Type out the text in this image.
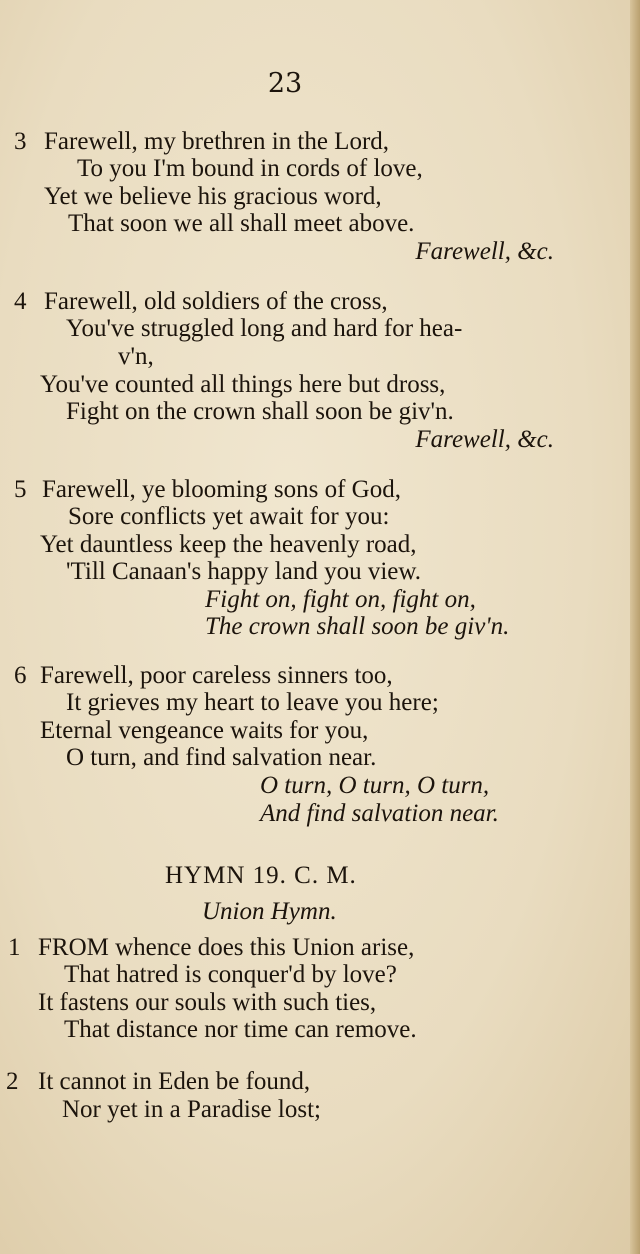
23
3 Farewell, my brethren in the Lord,
To you I'm bound in cords of love,
Yet we believe his gracious word,
That soon we all shall meet above.
Farewell, &c.
4 Farewell, old soldiers of the cross,
You've struggled long and hard for hea-
v'n,
You've counted all things here but dross,
Fight on the crown shall soon be giv'n.
Farewell, &c.
5 Farewell, ye blooming sons of God,
Sore conflicts yet await for you:
Yet dauntless keep the heavenly road,
'Till Canaan's happy land you view.
Fight on, fight on, fight on,
The crown shall soon be giv'n.
6 Farewell, poor careless sinners too,
It grieves my heart to leave you here;
Eternal vengeance waits for you,
O turn, and find salvation near.
O turn, O turn, O turn,
And find salvation near.
HYMN 19. C. M.
Union Hymn.
1 FROM whence does this Union arise,
That hatred is conquer'd by love?
It fastens our souls with such ties,
That distance nor time can remove.
2 It cannot in Eden be found,
Nor yet in a Paradise lost;
